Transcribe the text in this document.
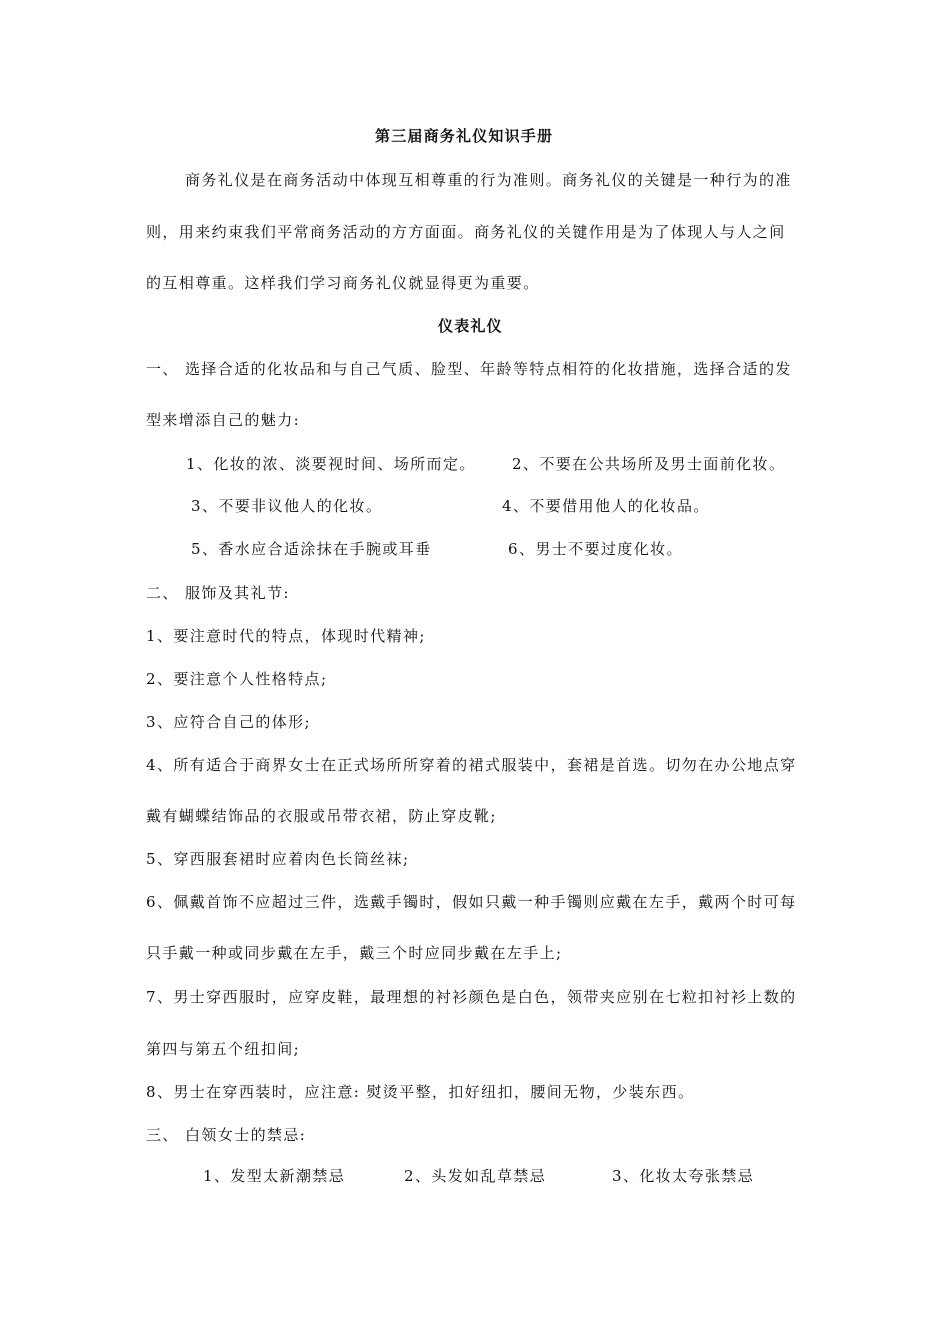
第三届商务礼仪知识手册
商务礼仪是在商务活动中体现互相尊重的行为准则。商务礼仪的关键是一种行为的准
则，用来约束我们平常商务活动的方方面面。商务礼仪的关键作用是为了体现人与人之间
的互相尊重。这样我们学习商务礼仪就显得更为重要。
仪表礼仪
一、 选择合适的化妆品和与自己气质、脸型、年龄等特点相符的化妆措施，选择合适的发
型来增添自己的魅力:
1、化妆的浓、淡要视时间、场所而定。 2、不要在公共场所及男士面前化妆。
3、不要非议他人的化妆。	4、不要借用他人的化妆品。
5、香水应合适涂抹在手腕或耳垂	6、男士不要过度化妆。
二、 服饰及其礼节:
1、要注意时代的特点，体现时代精神;
2、要注意个人性格特点;
3、应符合自己的体形;
4、所有适合于商界女士在正式场所所穿着的裙式服装中，套裙是首选。切勿在办公地点穿
戴有蝴蝶结饰品的衣服或吊带衣裙，防止穿皮靴;
5、穿西服套裙时应着肉色长筒丝袜;
6、佩戴首饰不应超过三件，选戴手镯时，假如只戴一种手镯则应戴在左手，戴两个时可每
只手戴一种或同步戴在左手，戴三个时应同步戴在左手上;
7、男士穿西服时，应穿皮鞋，最理想的衬衫颜色是白色，领带夹应别在七粒扣衬衫上数的
第四与第五个纽扣间;
8、男士在穿西装时，应注意: 熨烫平整，扣好纽扣，腰间无物，少装东西。
三、 白领女士的禁忌:
1、发型太新潮禁忌	2、头发如乱草禁忌	3、化妆太夸张禁忌
